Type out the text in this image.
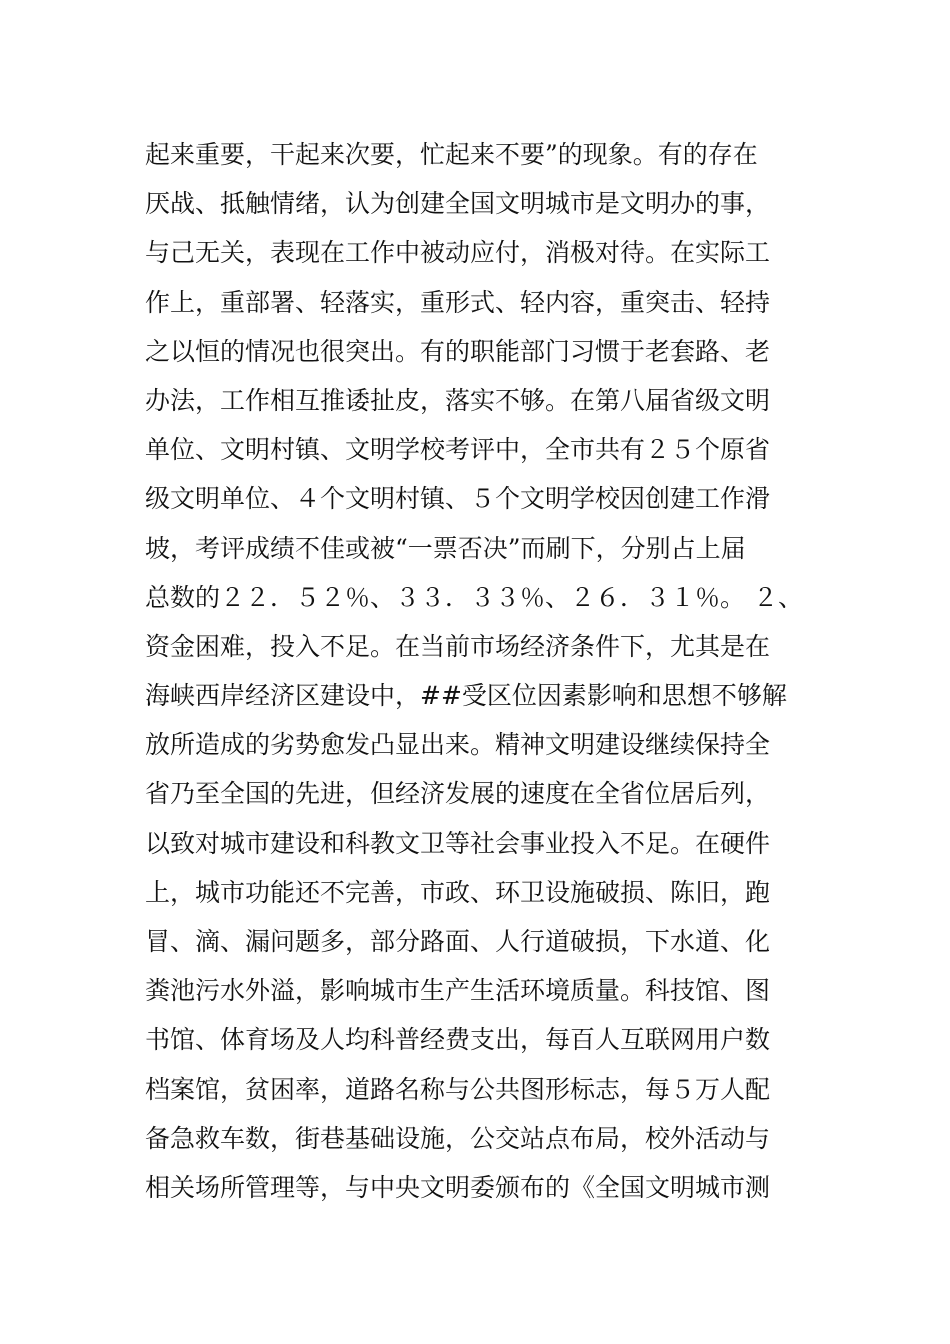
起来重要，干起来次要，忙起来不要”的现象。有的存在
厌战、抵触情绪，认为创建全国文明城市是文明办的事，
与己无关，表现在工作中被动应付，消极对待。在实际工
作上，重部署、轻落实，重形式、轻内容，重突击、轻持
之以恒的情况也很突出。有的职能部门习惯于老套路、老
办法，工作相互推诿扯皮，落实不够。在第八届省级文明
单位、文明村镇、文明学校考评中，全市共有２５个原省
级文明单位、４个文明村镇、５个文明学校因创建工作滑
坡，考评成绩不佳或被“一票否决”而刷下，分别占上届
总数的２２．５２％、３３．３３％、２６．３１％。 ２、
资金困难，投入不足。在当前市场经济条件下，尤其是在
海峡西岸经济区建设中，##受区位因素影响和思想不够解
放所造成的劣势愈发凸显出来。精神文明建设继续保持全
省乃至全国的先进，但经济发展的速度在全省位居后列，
以致对城市建设和科教文卫等社会事业投入不足。在硬件
上，城市功能还不完善，市政、环卫设施破损、陈旧，跑
冒、滴、漏问题多，部分路面、人行道破损，下水道、化
粪池污水外溢，影响城市生产生活环境质量。科技馆、图
书馆、体育场及人均科普经费支出，每百人互联网用户数
档案馆，贫困率，道路名称与公共图形标志，每５万人配
备急救车数，街巷基础设施，公交站点布局，校外活动与
相关场所管理等，与中央文明委颁布的《全国文明城市测
